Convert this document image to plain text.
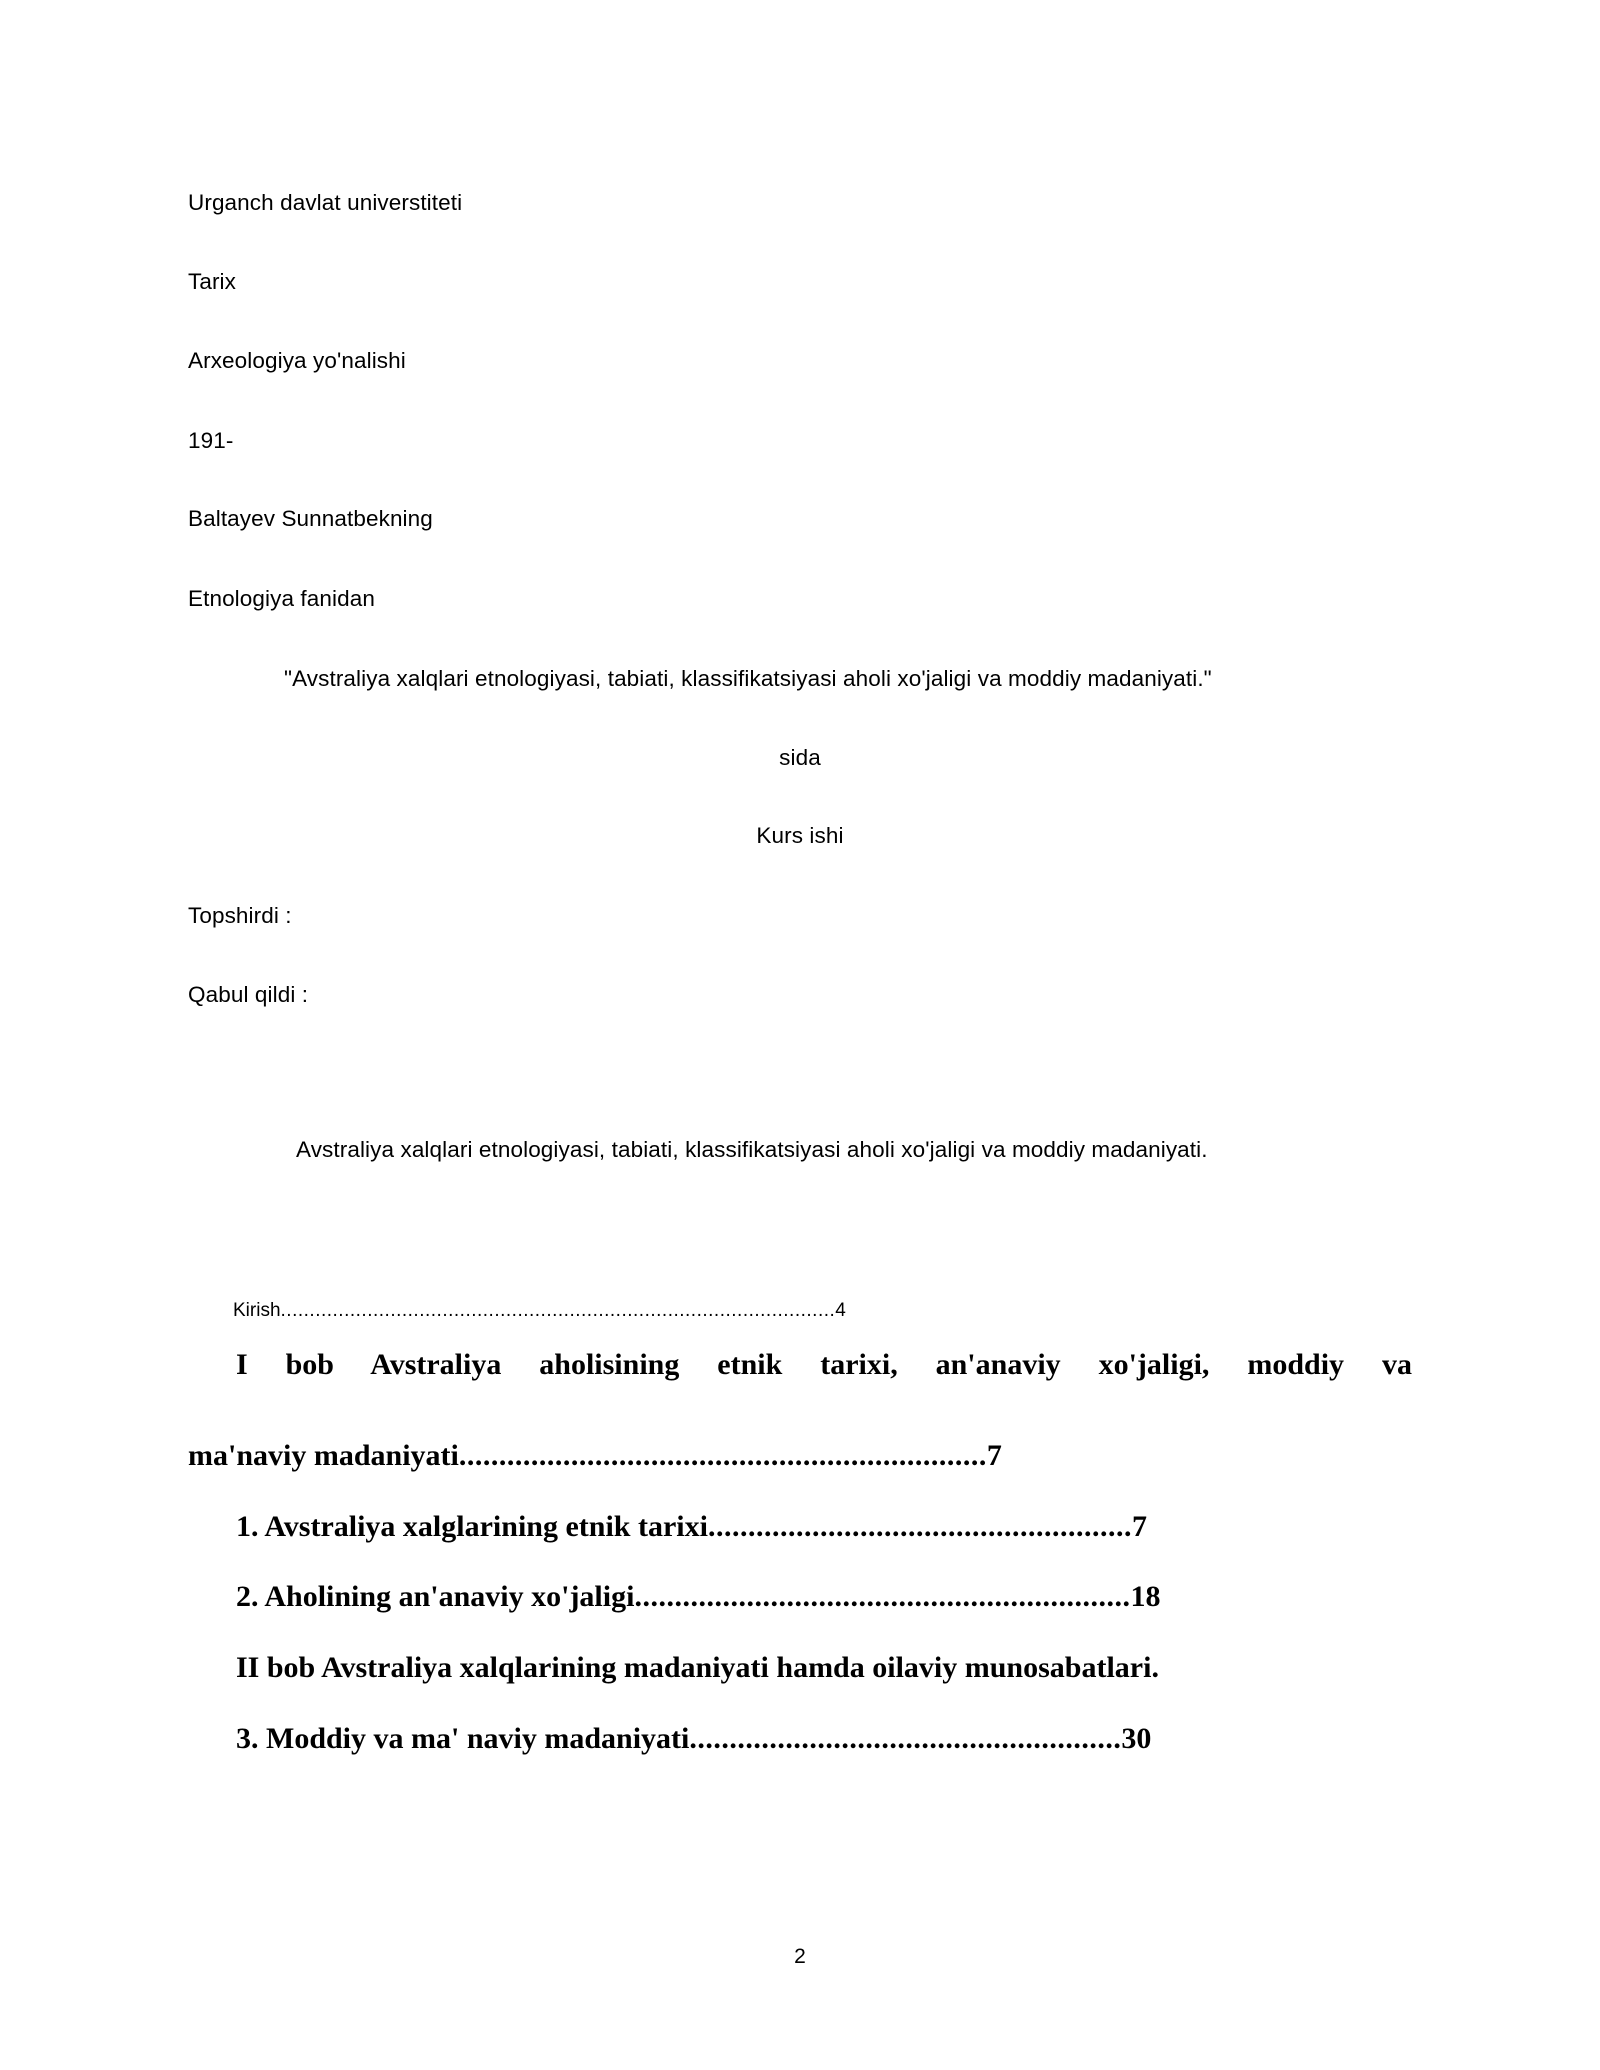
Urganch davlat universtiteti
Tarix
Arxeologiya yo'nalishi
191-
Baltayev Sunnatbekning
Etnologiya fanidan
"Avstraliya xalqlari etnologiyasi, tabiati, klassifikatsiyasi aholi xo'jaligi va moddiy madaniyati."
sida
Kurs ishi
Topshirdi :
Qabul qildi :
Avstraliya xalqlari etnologiyasi, tabiati, klassifikatsiyasi aholi xo'jaligi va moddiy madaniyati.
Kirish................................................................................................4
I bob Avstraliya aholisining etnik tarixi, an'anaviy xo'jaligi, moddiy va
ma'naviy madaniyati..................................................................7
1. Avstraliya xalglarining etnik tarixi.....................................................7
2. Aholining an'anaviy xo'jaligi..............................................................18
II bob Avstraliya xalqlarining madaniyati hamda oilaviy munosabatlari.
3. Moddiy va ma' naviy madaniyati......................................................30
2
